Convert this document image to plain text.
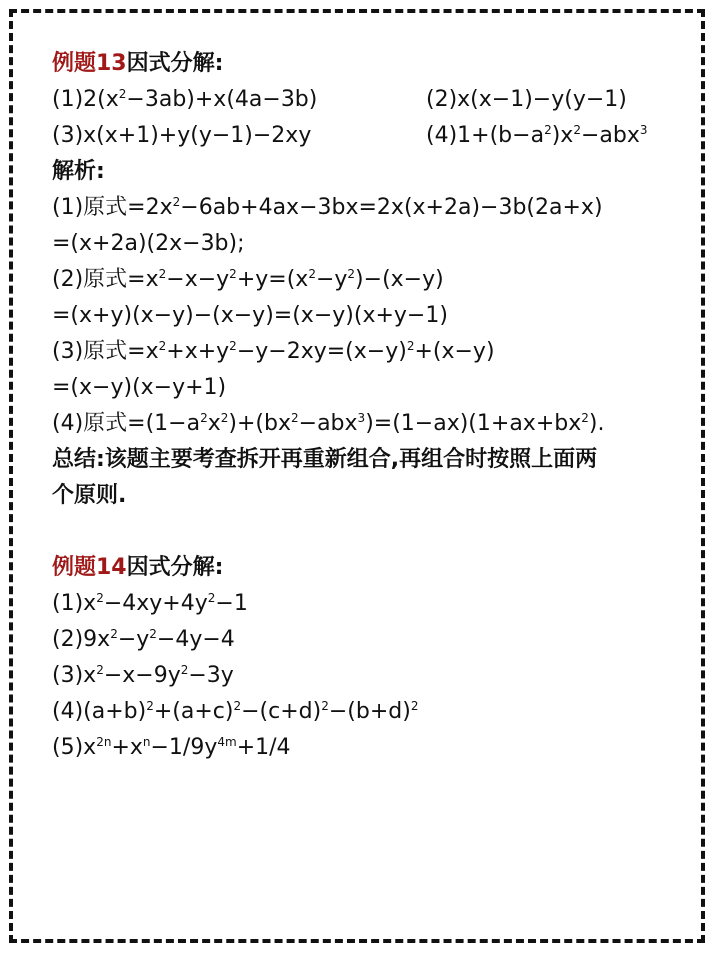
例题13因式分解:
$(1)2(x^2-3ab)+x(4a-3b)$	(2)x(x−1)−y(y−1)
(3)x(x+1)+y(y−1)−2xy	$(4)1+(b-a^2)x^2-abx^3$
解析:
(1)原式$=2x^2-6ab+4ax-3bx=2x(x+2a)-3b(2a+x)$
=(x+2a)(2x−3b);
(2)原式$=x^2-x-y^2+y=(x^2-y^2)-(x-y)$
=(x+y)(x−y)−(x−y)=(x−y)(x+y−1)
(3)原式$=x^2+x+y^2-y-2xy=(x-y)^2+(x-y)$
=(x−y)(x−y+1)
(4)原式$=(1-a^2x^2)+(bx^2-abx^3)=(1-ax)(1+ax+bx^2)$.
总结:该题主要考查拆开再重新组合,再组合时按照上面两
个原则.
例题14因式分解:
$(1)x^2-4xy+4y^2-1$
$(2)9x^2-y^2-4y-4$
$(3)x^2-x-9y^2-3y$
$(4)(a+b)^2+(a+c)^2-(c+d)^2-(b+d)^2$
$(5)x^{2n}+x^n-1/9y^{4m}+1/4$
